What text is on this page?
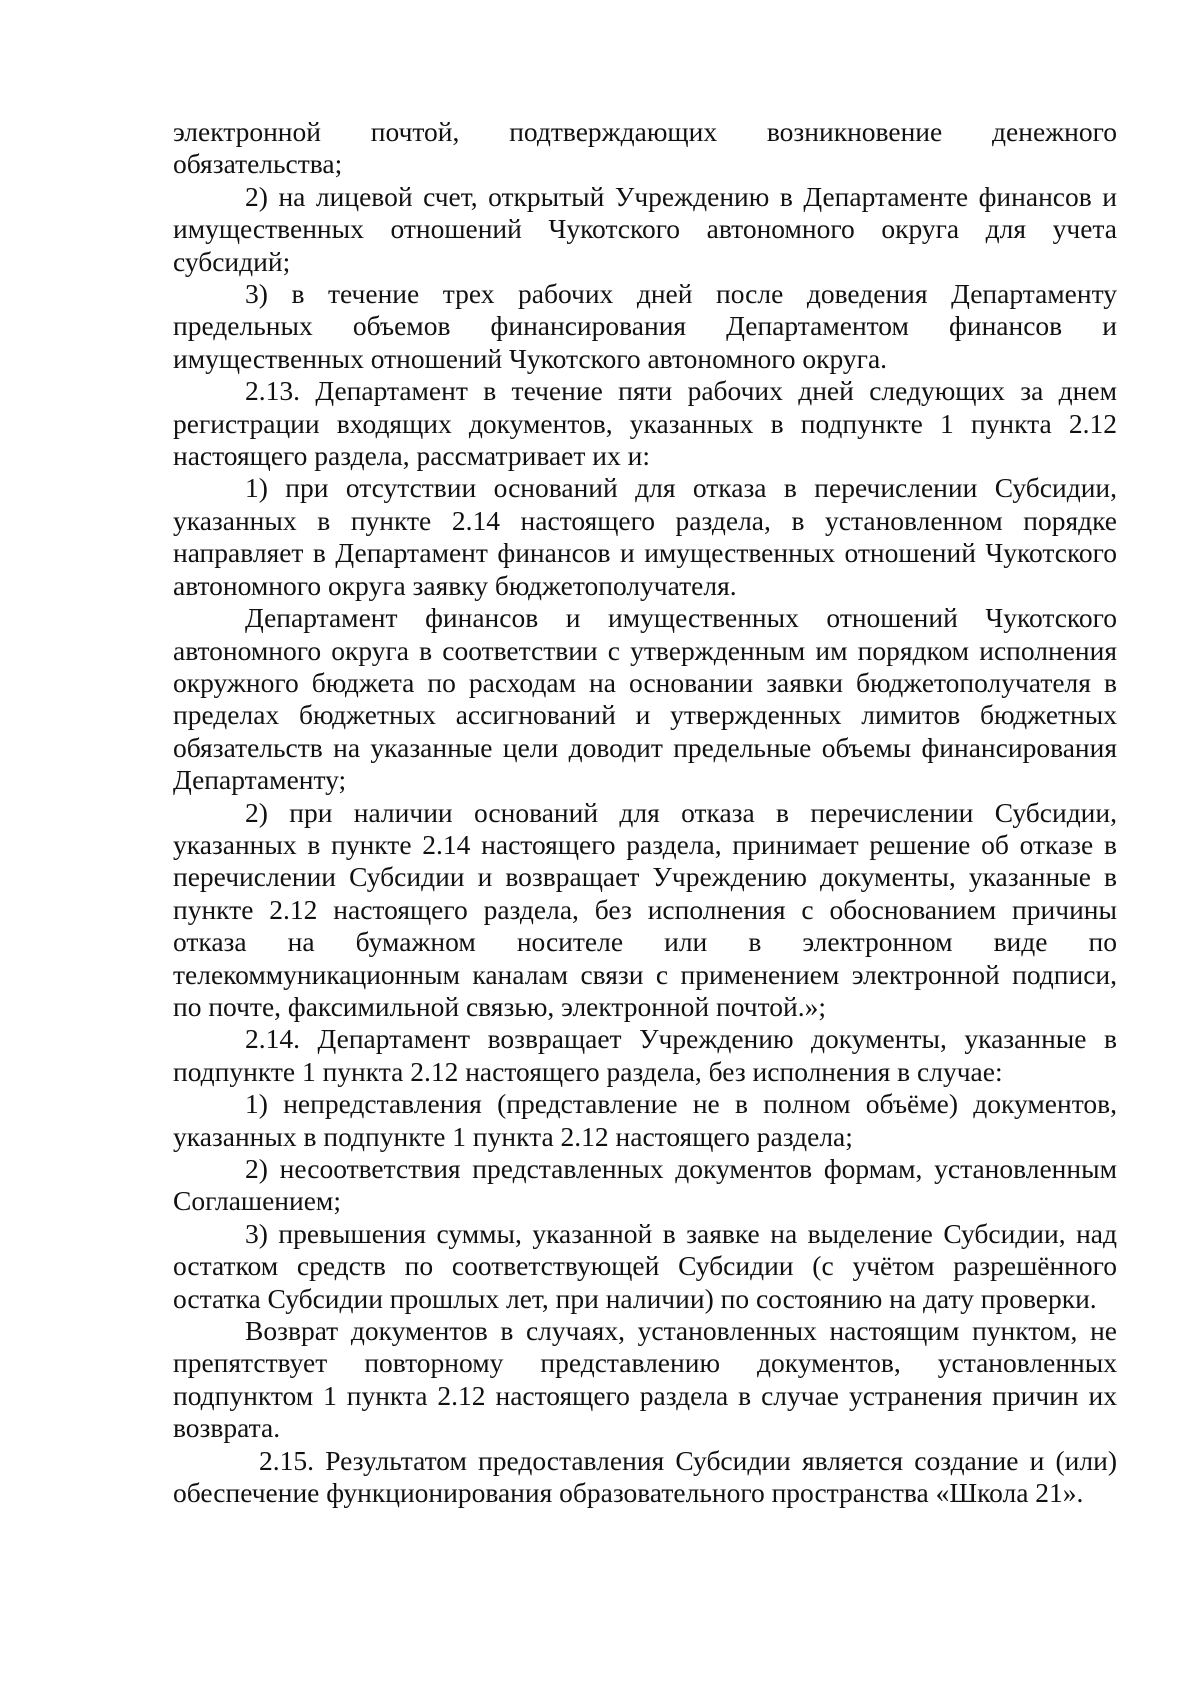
электронной почтой, подтверждающих возникновение денежного обязательства;

2) на лицевой счет, открытый Учреждению в Департаменте финансов и имущественных отношений Чукотского автономного округа для учета субсидий;

3) в течение трех рабочих дней после доведения Департаменту предельных объемов финансирования Департаментом финансов и имущественных отношений Чукотского автономного округа.

2.13. Департамент в течение пяти рабочих дней следующих за днем регистрации входящих документов, указанных в подпункте 1 пункта 2.12 настоящего раздела, рассматривает их и:

1) при отсутствии оснований для отказа в перечислении Субсидии, указанных в пункте 2.14 настоящего раздела, в установленном порядке направляет в Департамент финансов и имущественных отношений Чукотского автономного округа заявку бюджетополучателя.

Департамент финансов и имущественных отношений Чукотского автономного округа в соответствии с утвержденным им порядком исполнения окружного бюджета по расходам на основании заявки бюджетополучателя в пределах бюджетных ассигнований и утвержденных лимитов бюджетных обязательств на указанные цели доводит предельные объемы финансирования Департаменту;

2) при наличии оснований для отказа в перечислении Субсидии, указанных в пункте 2.14 настоящего раздела, принимает решение об отказе в перечислении Субсидии и возвращает Учреждению документы, указанные в пункте 2.12 настоящего раздела, без исполнения с обоснованием причины отказа на бумажном носителе или в электронном виде по телекоммуникационным каналам связи с применением электронной подписи, по почте, факсимильной связью, электронной почтой.»;

2.14. Департамент возвращает Учреждению документы, указанные в подпункте 1 пункта 2.12 настоящего раздела, без исполнения в случае:

1) непредставления (представление не в полном объёме) документов, указанных в подпункте 1 пункта 2.12 настоящего раздела;

2) несоответствия представленных документов формам, установленным Соглашением;

3) превышения суммы, указанной в заявке на выделение Субсидии, над остатком средств по соответствующей Субсидии (с учётом разрешённого остатка Субсидии прошлых лет, при наличии) по состоянию на дату проверки.

Возврат документов в случаях, установленных настоящим пунктом, не препятствует повторному представлению документов, установленных подпунктом 1 пункта 2.12 настоящего раздела в случае устранения причин их возврата.

2.15. Результатом предоставления Субсидии является создание и (или) обеспечение функционирования образовательного пространства «Школа 21».
